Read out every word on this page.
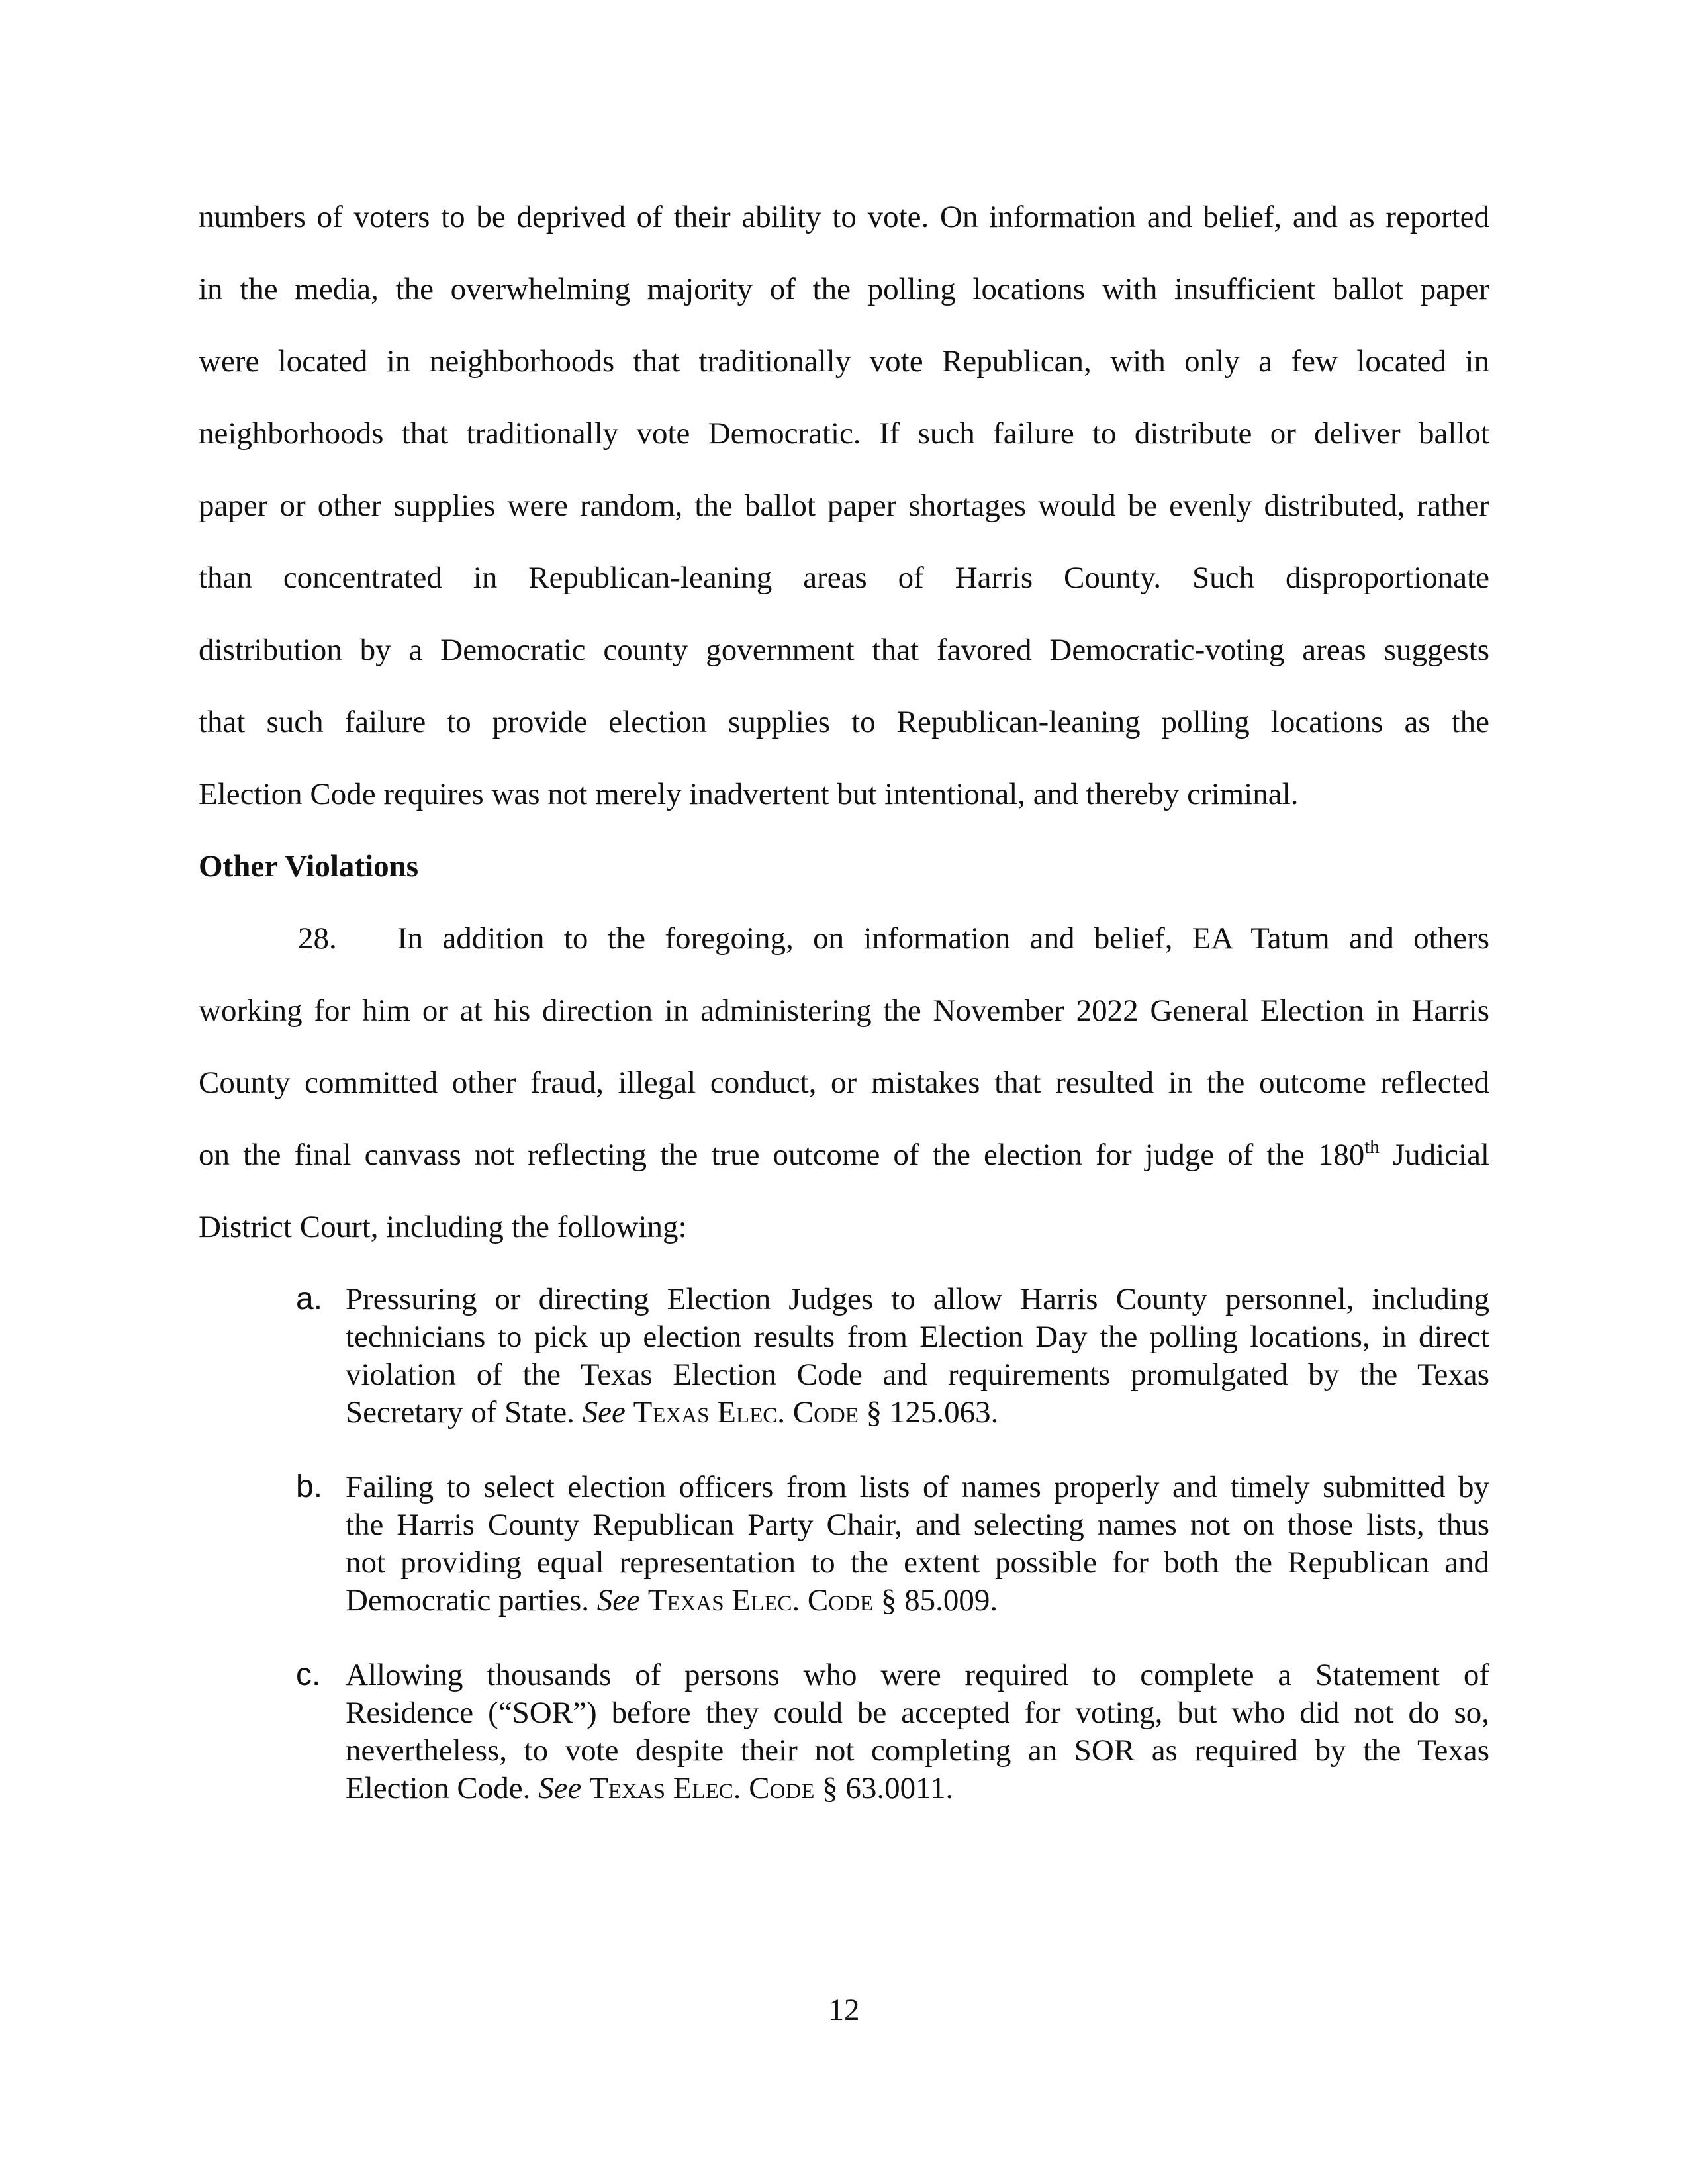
numbers of voters to be deprived of their ability to vote. On information and belief, and as reported
in the media, the overwhelming majority of the polling locations with insufficient ballot paper
were located in neighborhoods that traditionally vote Republican, with only a few located in
neighborhoods that traditionally vote Democratic. If such failure to distribute or deliver ballot
paper or other supplies were random, the ballot paper shortages would be evenly distributed, rather
than concentrated in Republican-leaning areas of Harris County. Such disproportionate
distribution by a Democratic county government that favored Democratic-voting areas suggests
that such failure to provide election supplies to Republican-leaning polling locations as the
Election Code requires was not merely inadvertent but intentional, and thereby criminal.
Other Violations
28. In addition to the foregoing, on information and belief, EA Tatum and others
working for him or at his direction in administering the November 2022 General Election in Harris
County committed other fraud, illegal conduct, or mistakes that resulted in the outcome reflected
on the final canvass not reflecting the true outcome of the election for judge of the 180th Judicial
District Court, including the following:
a. Pressuring or directing Election Judges to allow Harris County personnel, including
technicians to pick up election results from Election Day the polling locations, in direct
violation of the Texas Election Code and requirements promulgated by the Texas
Secretary of State. See Texas Elec. Code § 125.063.
b. Failing to select election officers from lists of names properly and timely submitted by
the Harris County Republican Party Chair, and selecting names not on those lists, thus
not providing equal representation to the extent possible for both the Republican and
Democratic parties. See Texas Elec. Code § 85.009.
c. Allowing thousands of persons who were required to complete a Statement of
Residence (“SOR”) before they could be accepted for voting, but who did not do so,
nevertheless, to vote despite their not completing an SOR as required by the Texas
Election Code. See Texas Elec. Code § 63.0011.
12
